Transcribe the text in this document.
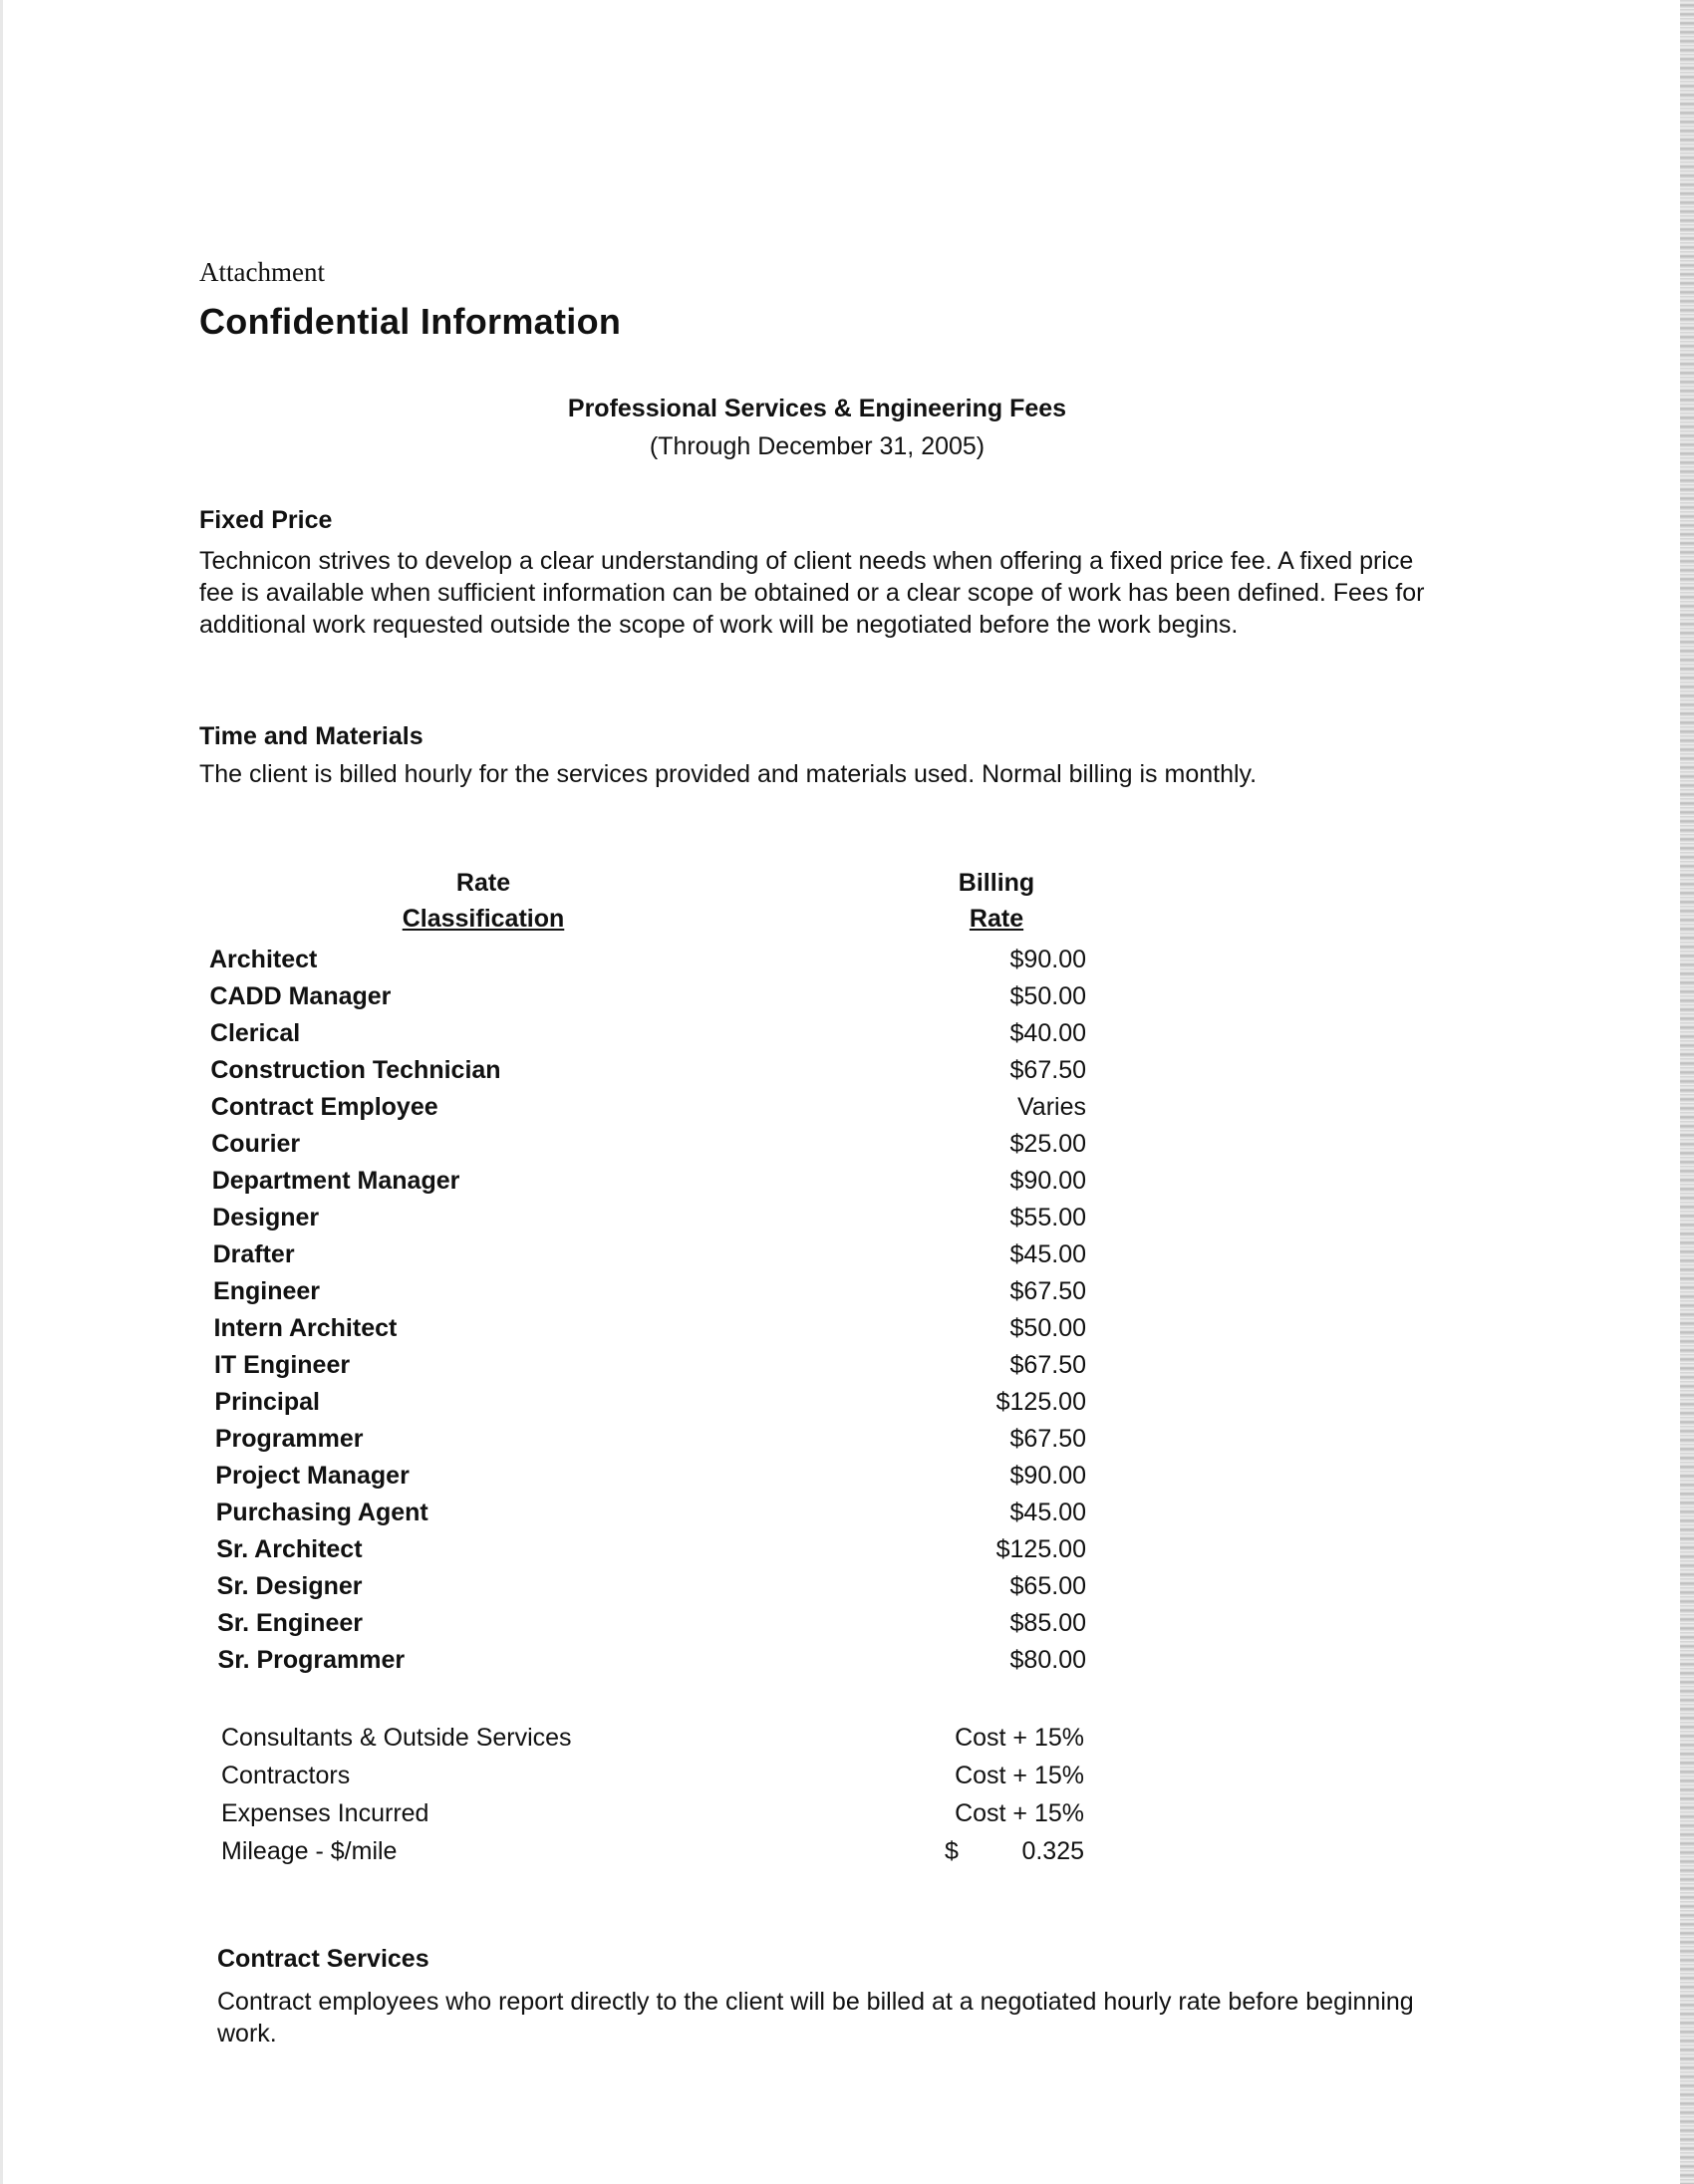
Attachment
Confidential Information
Professional Services & Engineering Fees
(Through December 31, 2005)
Fixed Price
Technicon strives to develop a clear understanding of client needs when offering a fixed price fee. A fixed price fee is available when sufficient information can be obtained or a clear scope of work has been defined. Fees for additional work requested outside the scope of work will be negotiated before the work begins.
Time and Materials
The client is billed hourly for the services provided and materials used. Normal billing is monthly.
Rate
Classification
Billing
Rate
Architect	$90.00
CADD Manager	$50.00
Clerical	$40.00
Construction Technician	$67.50
Contract Employee	Varies
Courier	$25.00
Department Manager	$90.00
Designer	$55.00
Drafter	$45.00
Engineer	$67.50
Intern Architect	$50.00
IT Engineer	$67.50
Principal	$125.00
Programmer	$67.50
Project Manager	$90.00
Purchasing Agent	$45.00
Sr. Architect	$125.00
Sr. Designer	$65.00
Sr. Engineer	$85.00
Sr. Programmer	$80.00
Consultants & Outside Services	Cost + 15%
Contractors	Cost + 15%
Expenses Incurred	Cost + 15%
Mileage - $/mile	$	0.325
Contract Services
Contract employees who report directly to the client will be billed at a negotiated hourly rate before beginning work.
